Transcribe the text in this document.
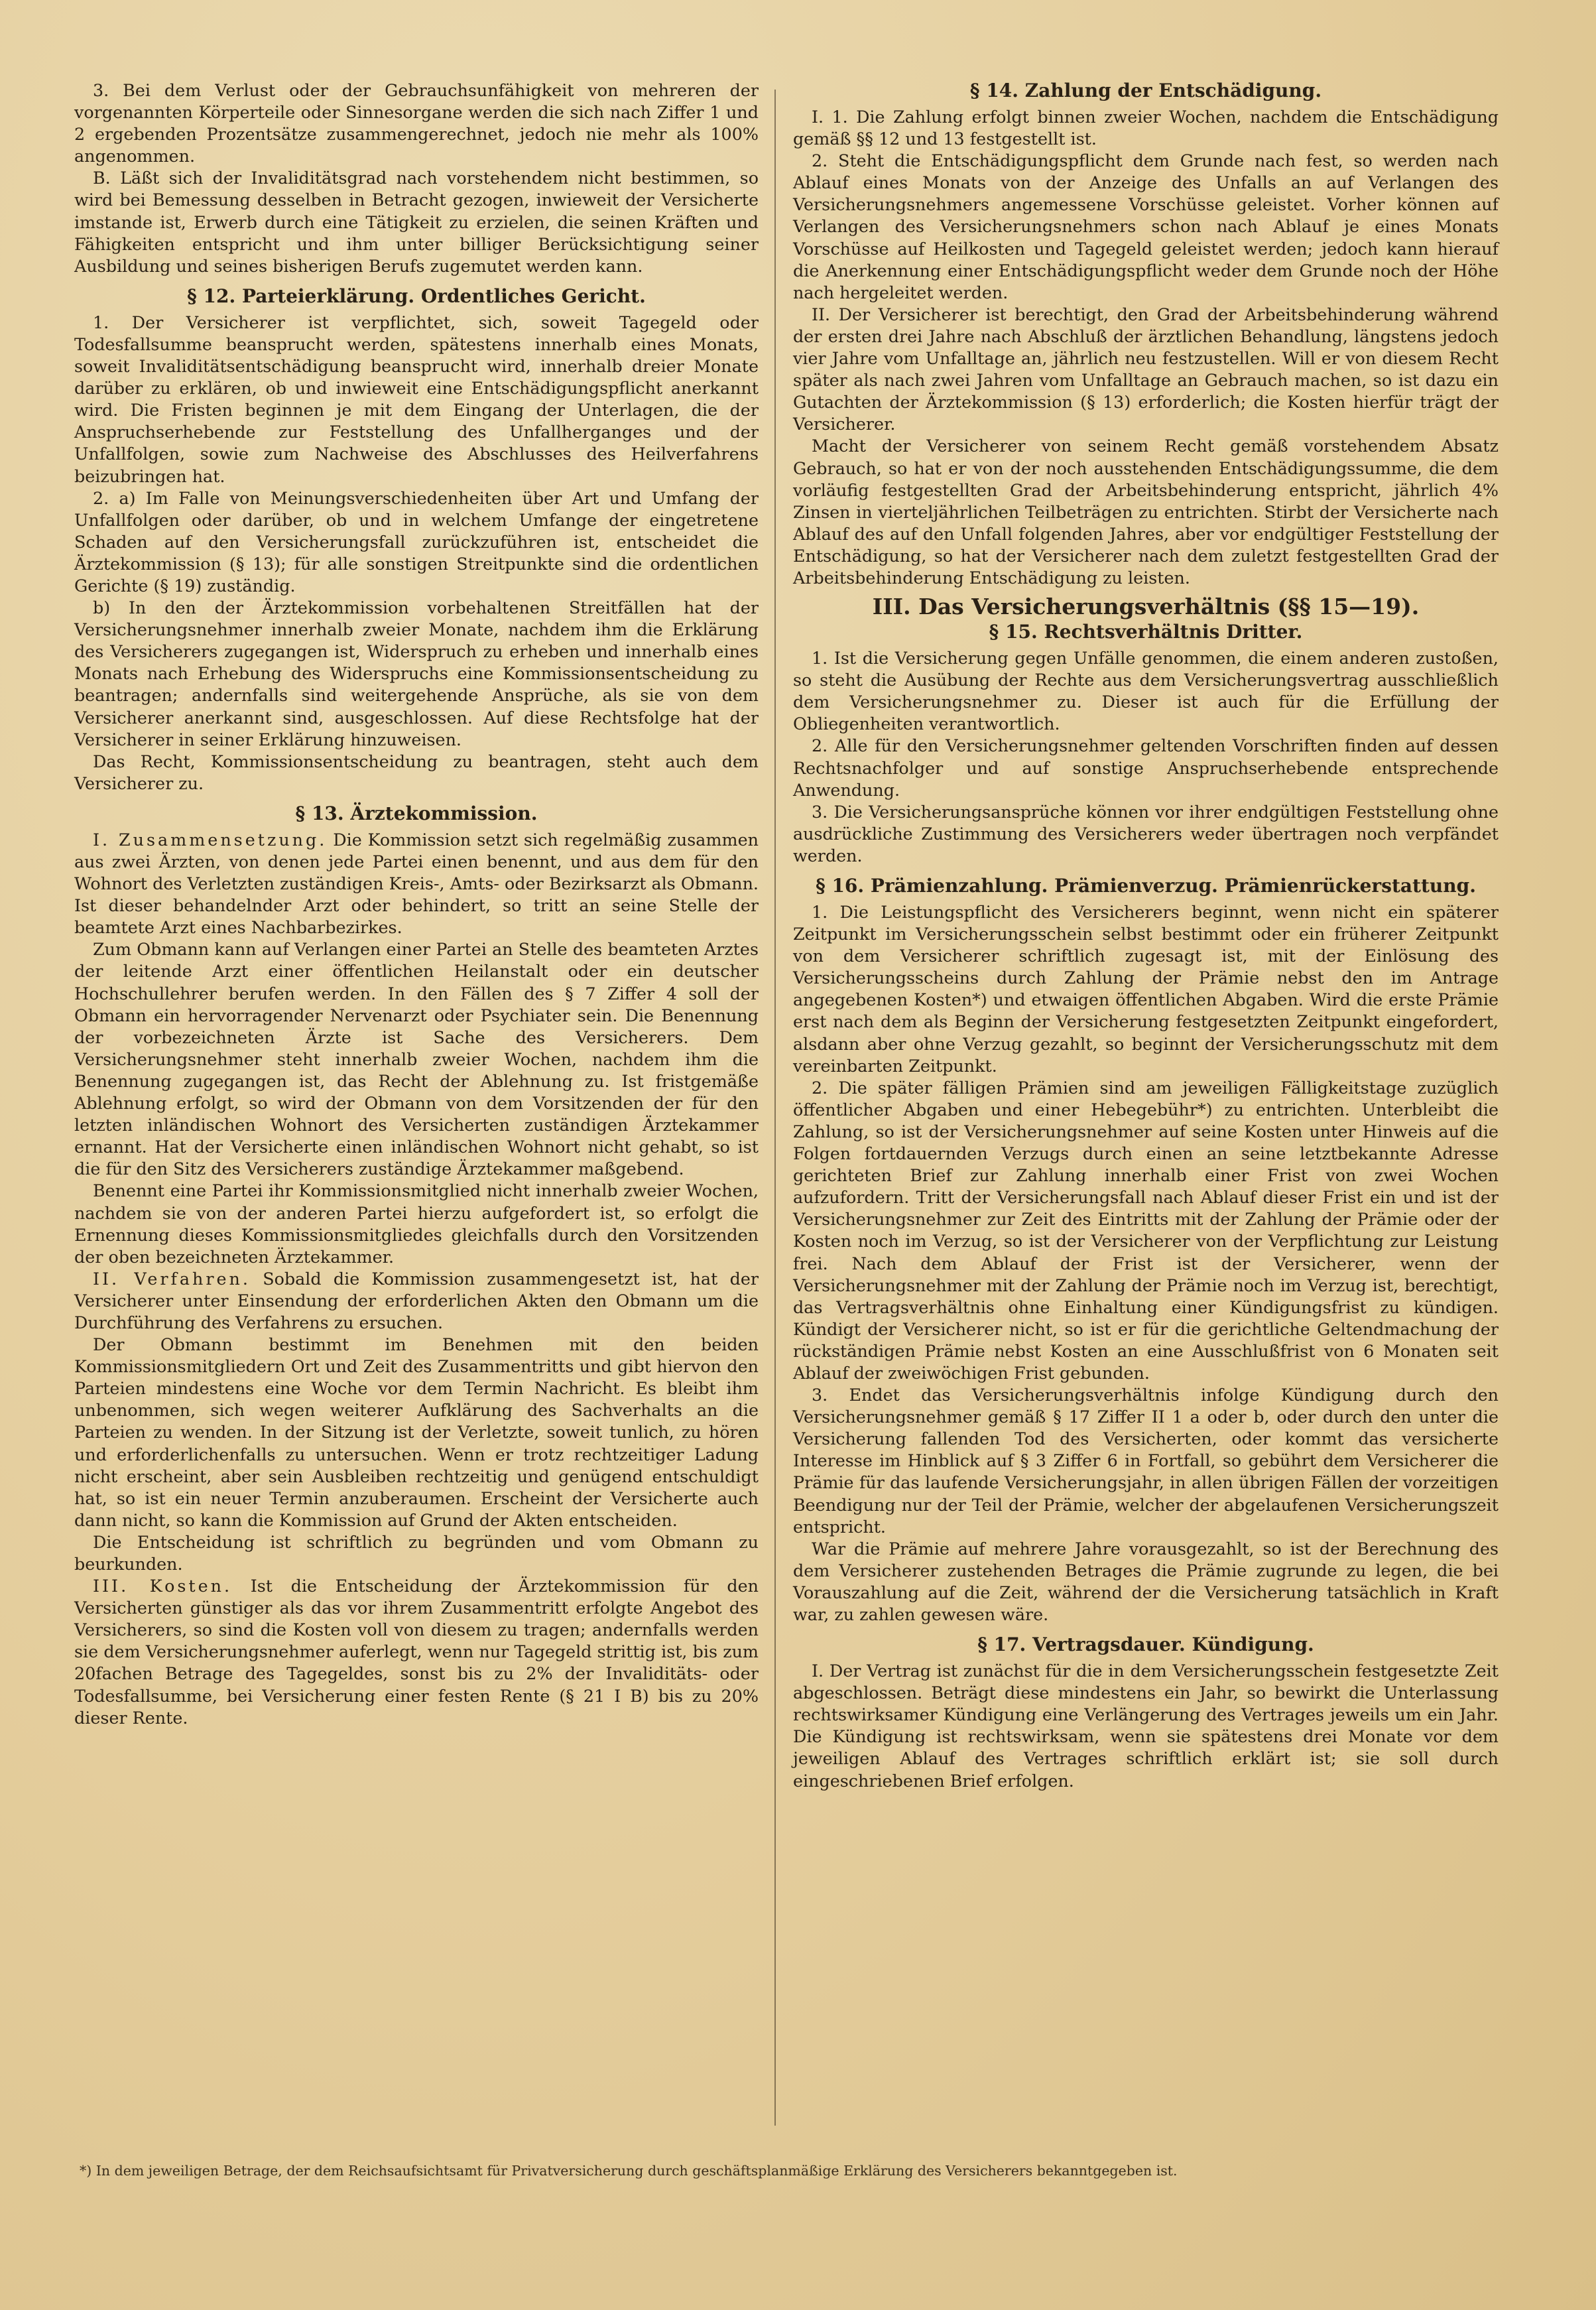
3. Bei dem Verlust oder der Gebrauchsunfähigkeit von mehreren der vorgenannten Körperteile oder Sinnesorgane werden die sich nach Ziffer 1 und 2 ergebenden Prozentsätze zusammengerechnet, jedoch nie mehr als 100% angenommen.

B. Läßt sich der Invaliditätsgrad nach vorstehendem nicht bestimmen, so wird bei Bemessung desselben in Betracht gezogen, inwieweit der Versicherte imstande ist, Erwerb durch eine Tätigkeit zu erzielen, die seinen Kräften und Fähigkeiten entspricht und ihm unter billiger Berücksichtigung seiner Ausbildung und seines bisherigen Berufs zugemutet werden kann.

§ 12. Parteierklärung. Ordentliches Gericht.

1. Der Versicherer ist verpflichtet, sich, soweit Tagegeld oder Todesfallsumme beansprucht werden, spätestens innerhalb eines Monats, soweit Invaliditätsentschädigung beansprucht wird, innerhalb dreier Monate darüber zu erklären, ob und inwieweit eine Entschädigungspflicht anerkannt wird. Die Fristen beginnen je mit dem Eingang der Unterlagen, die der Anspruchserhebende zur Feststellung des Unfallherganges und der Unfallfolgen, sowie zum Nachweise des Abschlusses des Heilverfahrens beizubringen hat.

2. a) Im Falle von Meinungsverschiedenheiten über Art und Umfang der Unfallfolgen oder darüber, ob und in welchem Umfange der eingetretene Schaden auf den Versicherungsfall zurückzuführen ist, entscheidet die Ärztekommission (§ 13); für alle sonstigen Streitpunkte sind die ordentlichen Gerichte (§ 19) zuständig.

b) In den der Ärztekommission vorbehaltenen Streitfällen hat der Versicherungsnehmer innerhalb zweier Monate, nachdem ihm die Erklärung des Versicherers zugegangen ist, Widerspruch zu erheben und innerhalb eines Monats nach Erhebung des Widerspruchs eine Kommissionsentscheidung zu beantragen; andernfalls sind weitergehende Ansprüche, als sie von dem Versicherer anerkannt sind, ausgeschlossen. Auf diese Rechtsfolge hat der Versicherer in seiner Erklärung hinzuweisen.

Das Recht, Kommissionsentscheidung zu beantragen, steht auch dem Versicherer zu.

§ 13. Ärztekommission.

I. Zusammensetzung. Die Kommission setzt sich regelmäßig zusammen aus zwei Ärzten, von denen jede Partei einen benennt, und aus dem für den Wohnort des Verletzten zuständigen Kreis-, Amts- oder Bezirksarzt als Obmann. Ist dieser behandelnder Arzt oder behindert, so tritt an seine Stelle der beamtete Arzt eines Nachbarbezirkes.

Zum Obmann kann auf Verlangen einer Partei an Stelle des beamteten Arztes der leitende Arzt einer öffentlichen Heilanstalt oder ein deutscher Hochschullehrer berufen werden. In den Fällen des § 7 Ziffer 4 soll der Obmann ein hervorragender Nervenarzt oder Psychiater sein. Die Benennung der vorbezeichneten Ärzte ist Sache des Versicherers. Dem Versicherungsnehmer steht innerhalb zweier Wochen, nachdem ihm die Benennung zugegangen ist, das Recht der Ablehnung zu. Ist fristgemäße Ablehnung erfolgt, so wird der Obmann von dem Vorsitzenden der für den letzten inländischen Wohnort des Versicherten zuständigen Ärztekammer ernannt. Hat der Versicherte einen inländischen Wohnort nicht gehabt, so ist die für den Sitz des Versicherers zuständige Ärztekammer maßgebend.

Benennt eine Partei ihr Kommissionsmitglied nicht innerhalb zweier Wochen, nachdem sie von der anderen Partei hierzu aufgefordert ist, so erfolgt die Ernennung dieses Kommissionsmitgliedes gleichfalls durch den Vorsitzenden der oben bezeichneten Ärztekammer.

II. Verfahren. Sobald die Kommission zusammengesetzt ist, hat der Versicherer unter Einsendung der erforderlichen Akten den Obmann um die Durchführung des Verfahrens zu ersuchen.

Der Obmann bestimmt im Benehmen mit den beiden Kommissionsmitgliedern Ort und Zeit des Zusammentritts und gibt hiervon den Parteien mindestens eine Woche vor dem Termin Nachricht. Es bleibt ihm unbenommen, sich wegen weiterer Aufklärung des Sachverhalts an die Parteien zu wenden. In der Sitzung ist der Verletzte, soweit tunlich, zu hören und erforderlichenfalls zu untersuchen. Wenn er trotz rechtzeitiger Ladung nicht erscheint, aber sein Ausbleiben rechtzeitig und genügend entschuldigt hat, so ist ein neuer Termin anzuberaumen. Erscheint der Versicherte auch dann nicht, so kann die Kommission auf Grund der Akten entscheiden.

Die Entscheidung ist schriftlich zu begründen und vom Obmann zu beurkunden.

III. Kosten. Ist die Entscheidung der Ärztekommission für den Versicherten günstiger als das vor ihrem Zusammentritt erfolgte Angebot des Versicherers, so sind die Kosten voll von diesem zu tragen; andernfalls werden sie dem Versicherungsnehmer auferlegt, wenn nur Tagegeld strittig ist, bis zum 20fachen Betrage des Tagegeldes, sonst bis zu 2% der Invaliditäts- oder Todesfallsumme, bei Versicherung einer festen Rente (§ 21 I B) bis zu 20% dieser Rente.

§ 14. Zahlung der Entschädigung.

I. 1. Die Zahlung erfolgt binnen zweier Wochen, nachdem die Entschädigung gemäß §§ 12 und 13 festgestellt ist.

2. Steht die Entschädigungspflicht dem Grunde nach fest, so werden nach Ablauf eines Monats von der Anzeige des Unfalls an auf Verlangen des Versicherungsnehmers angemessene Vorschüsse geleistet. Vorher können auf Verlangen des Versicherungsnehmers schon nach Ablauf je eines Monats Vorschüsse auf Heilkosten und Tagegeld geleistet werden; jedoch kann hierauf die Anerkennung einer Entschädigungspflicht weder dem Grunde noch der Höhe nach hergeleitet werden.

II. Der Versicherer ist berechtigt, den Grad der Arbeitsbehinderung während der ersten drei Jahre nach Abschluß der ärztlichen Behandlung, längstens jedoch vier Jahre vom Unfalltage an, jährlich neu festzustellen. Will er von diesem Recht später als nach zwei Jahren vom Unfalltage an Gebrauch machen, so ist dazu ein Gutachten der Ärztekommission (§ 13) erforderlich; die Kosten hierfür trägt der Versicherer.

Macht der Versicherer von seinem Recht gemäß vorstehendem Absatz Gebrauch, so hat er von der noch ausstehenden Entschädigungssumme, die dem vorläufig festgestellten Grad der Arbeitsbehinderung entspricht, jährlich 4% Zinsen in vierteljährlichen Teilbeträgen zu entrichten. Stirbt der Versicherte nach Ablauf des auf den Unfall folgenden Jahres, aber vor endgültiger Feststellung der Entschädigung, so hat der Versicherer nach dem zuletzt festgestellten Grad der Arbeitsbehinderung Entschädigung zu leisten.

III. Das Versicherungsverhältnis (§§ 15—19).
§ 15. Rechtsverhältnis Dritter.

1. Ist die Versicherung gegen Unfälle genommen, die einem anderen zustoßen, so steht die Ausübung der Rechte aus dem Versicherungsvertrag ausschließlich dem Versicherungsnehmer zu. Dieser ist auch für die Erfüllung der Obliegenheiten verantwortlich.

2. Alle für den Versicherungsnehmer geltenden Vorschriften finden auf dessen Rechtsnachfolger und auf sonstige Anspruchserhebende entsprechende Anwendung.

3. Die Versicherungsansprüche können vor ihrer endgültigen Feststellung ohne ausdrückliche Zustimmung des Versicherers weder übertragen noch verpfändet werden.

§ 16. Prämienzahlung. Prämienverzug. Prämienrückerstattung.

1. Die Leistungspflicht des Versicherers beginnt, wenn nicht ein späterer Zeitpunkt im Versicherungsschein selbst bestimmt oder ein früherer Zeitpunkt von dem Versicherer schriftlich zugesagt ist, mit der Einlösung des Versicherungsscheins durch Zahlung der Prämie nebst den im Antrage angegebenen Kosten*) und etwaigen öffentlichen Abgaben. Wird die erste Prämie erst nach dem als Beginn der Versicherung festgesetzten Zeitpunkt eingefordert, alsdann aber ohne Verzug gezahlt, so beginnt der Versicherungsschutz mit dem vereinbarten Zeitpunkt.

2. Die später fälligen Prämien sind am jeweiligen Fälligkeitstage zuzüglich öffentlicher Abgaben und einer Hebegebühr*) zu entrichten. Unterbleibt die Zahlung, so ist der Versicherungsnehmer auf seine Kosten unter Hinweis auf die Folgen fortdauernden Verzugs durch einen an seine letztbekannte Adresse gerichteten Brief zur Zahlung innerhalb einer Frist von zwei Wochen aufzufordern. Tritt der Versicherungsfall nach Ablauf dieser Frist ein und ist der Versicherungsnehmer zur Zeit des Eintritts mit der Zahlung der Prämie oder der Kosten noch im Verzug, so ist der Versicherer von der Verpflichtung zur Leistung frei. Nach dem Ablauf der Frist ist der Versicherer, wenn der Versicherungsnehmer mit der Zahlung der Prämie noch im Verzug ist, berechtigt, das Vertragsverhältnis ohne Einhaltung einer Kündigungsfrist zu kündigen. Kündigt der Versicherer nicht, so ist er für die gerichtliche Geltendmachung der rückständigen Prämie nebst Kosten an eine Ausschlußfrist von 6 Monaten seit Ablauf der zweiwöchigen Frist gebunden.

3. Endet das Versicherungsverhältnis infolge Kündigung durch den Versicherungsnehmer gemäß § 17 Ziffer II 1 a oder b, oder durch den unter die Versicherung fallenden Tod des Versicherten, oder kommt das versicherte Interesse im Hinblick auf § 3 Ziffer 6 in Fortfall, so gebührt dem Versicherer die Prämie für das laufende Versicherungsjahr, in allen übrigen Fällen der vorzeitigen Beendigung nur der Teil der Prämie, welcher der abgelaufenen Versicherungszeit entspricht.

War die Prämie auf mehrere Jahre vorausgezahlt, so ist der Berechnung des dem Versicherer zustehenden Betrages die Prämie zugrunde zu legen, die bei Vorauszahlung auf die Zeit, während der die Versicherung tatsächlich in Kraft war, zu zahlen gewesen wäre.

§ 17. Vertragsdauer. Kündigung.

I. Der Vertrag ist zunächst für die in dem Versicherungsschein festgesetzte Zeit abgeschlossen. Beträgt diese mindestens ein Jahr, so bewirkt die Unterlassung rechtswirksamer Kündigung eine Verlängerung des Vertrages jeweils um ein Jahr. Die Kündigung ist rechtswirksam, wenn sie spätestens drei Monate vor dem jeweiligen Ablauf des Vertrages schriftlich erklärt ist; sie soll durch eingeschriebenen Brief erfolgen.

*) In dem jeweiligen Betrage, der dem Reichsaufsichtsamt für Privatversicherung durch geschäftsplanmäßige Erklärung des Versicherers bekanntgegeben ist.
